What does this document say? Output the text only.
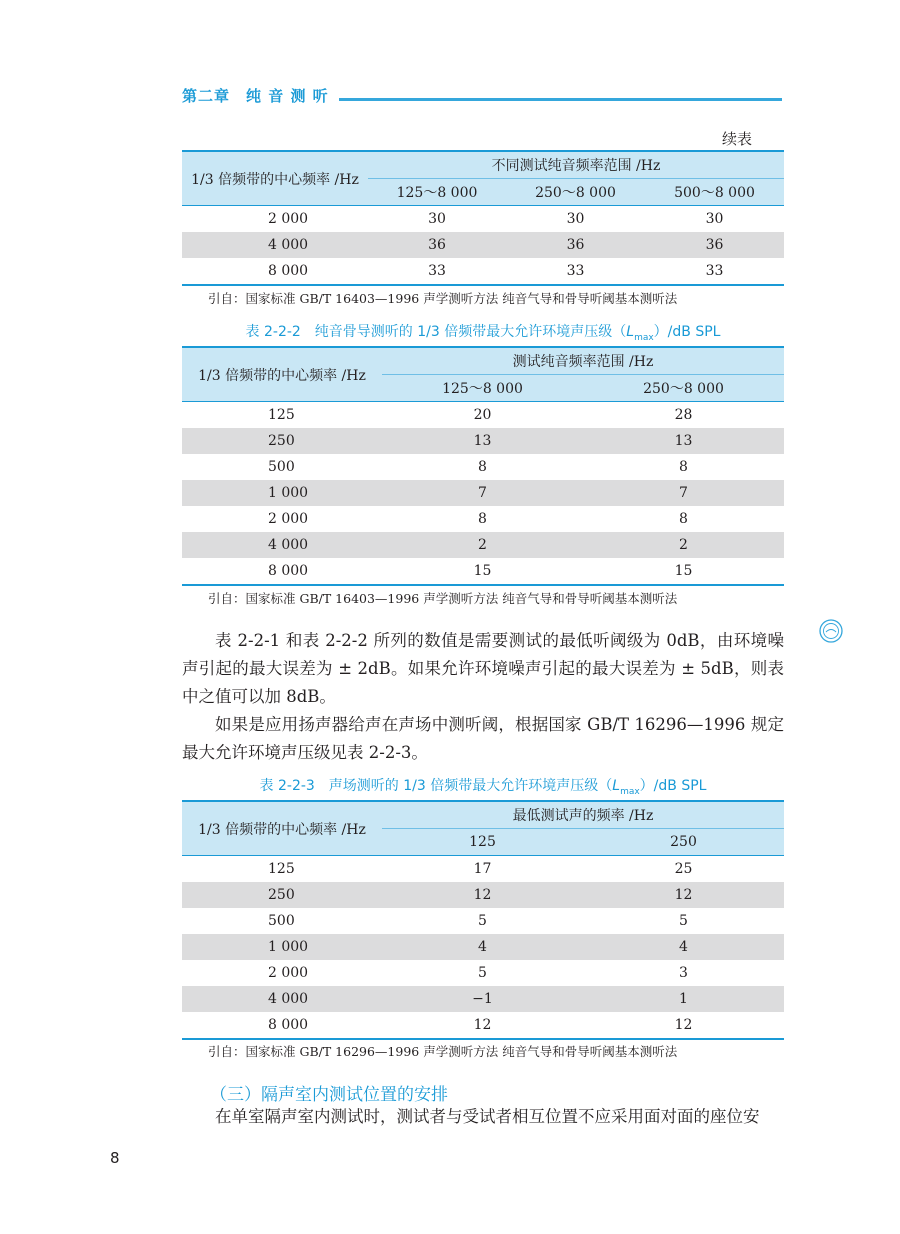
第二章　纯 音 测 听
续表
1/3 倍频带的中心频率 /Hz	不同测试纯音频率范围 /Hz		
	125～8 000	250～8 000	500～8 000
2 000	30	30	30
4 000	36	36	36
8 000	33	33	33
引自：国家标准 GB/T 16403—1996 声学测听方法 纯音气导和骨导听阈基本测听法
表 2-2-2　纯音骨导测听的 1/3 倍频带最大允许环境声压级$(L_{max})/dB$ SPL
1/3 倍频带的中心频率 /Hz	测试纯音频率范围 /Hz	
	125～8 000	250～8 000
125	20	28
250	13	13
500	8	8
1 000	7	7
2 000	8	8
4 000	2	2
8 000	15	15
引自：国家标准 GB/T 16403—1996 声学测听方法 纯音气导和骨导听阈基本测听法
表 2-2-1 和表 2-2-2 所列的数值是需要测试的最低听阈级为 0dB，由环境噪声引起的最大误差为 ± 2dB。如果允许环境噪声引起的最大误差为 ± 5dB，则表中之值可以加 8dB。
如果是应用扬声器给声在声场中测听阈，根据国家 GB/T 16296—1996 规定最大允许环境声压级见表 2-2-3。
表 2-2-3　声场测听的 1/3 倍频带最大允许环境声压级$(L_{max})/dB$ SPL
1/3 倍频带的中心频率 /Hz	最低测试声的频率 /Hz	
	125	250
125	17	25
250	12	12
500	5	5
1 000	4	4
2 000	5	3
4 000	−1	1
8 000	12	12
引自：国家标准 GB/T 16296—1996 声学测听方法 纯音气导和骨导听阈基本测听法
（三）隔声室内测试位置的安排
在单室隔声室内测试时，测试者与受试者相互位置不应采用面对面的座位安
8
